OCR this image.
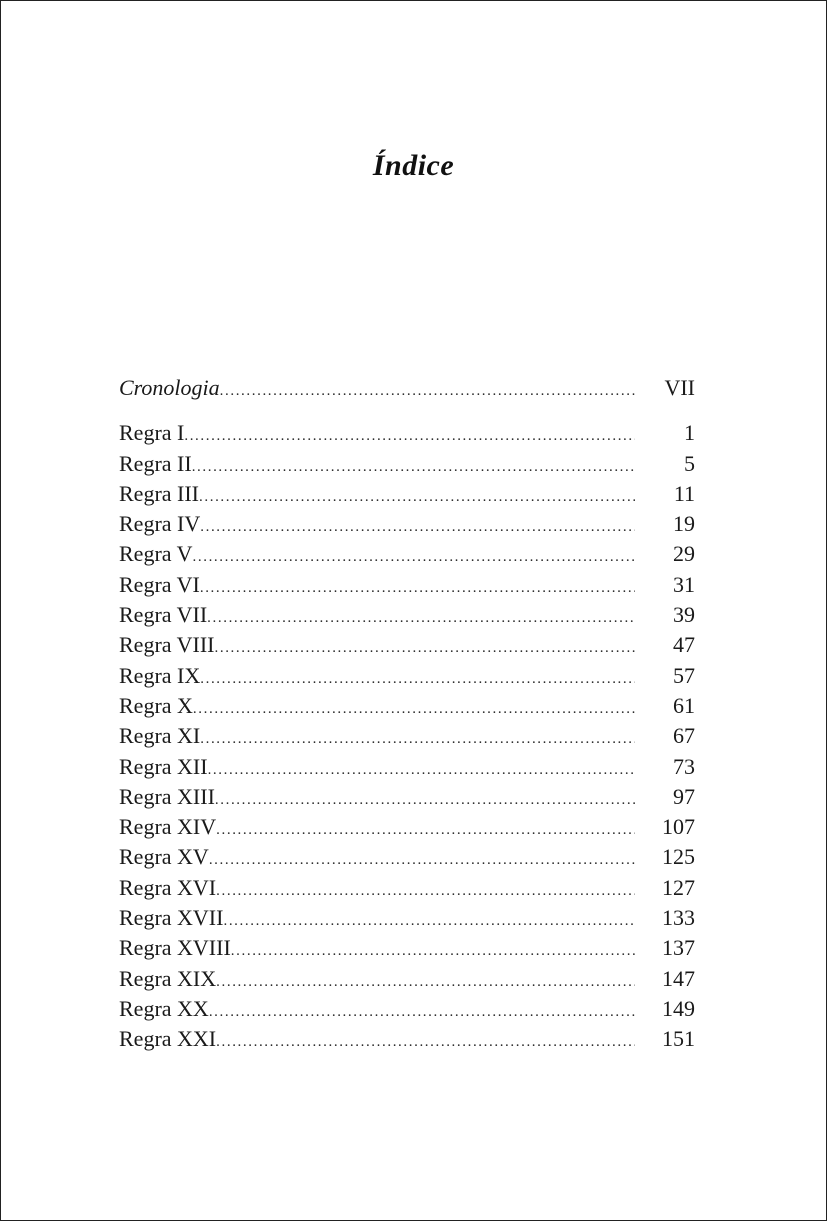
Índice
Cronologia .....	VII
Regra I .....	1
Regra II .....	5
Regra III .....	11
Regra IV .....	19
Regra V .....	29
Regra VI .....	31
Regra VII .....	39
Regra VIII .....	47
Regra IX .....	57
Regra X .....	61
Regra XI .....	67
Regra XII .....	73
Regra XIII .....	97
Regra XIV .....	107
Regra XV .....	125
Regra XVI .....	127
Regra XVII .....	133
Regra XVIII .....	137
Regra XIX .....	147
Regra XX .....	149
Regra XXI .....	151
